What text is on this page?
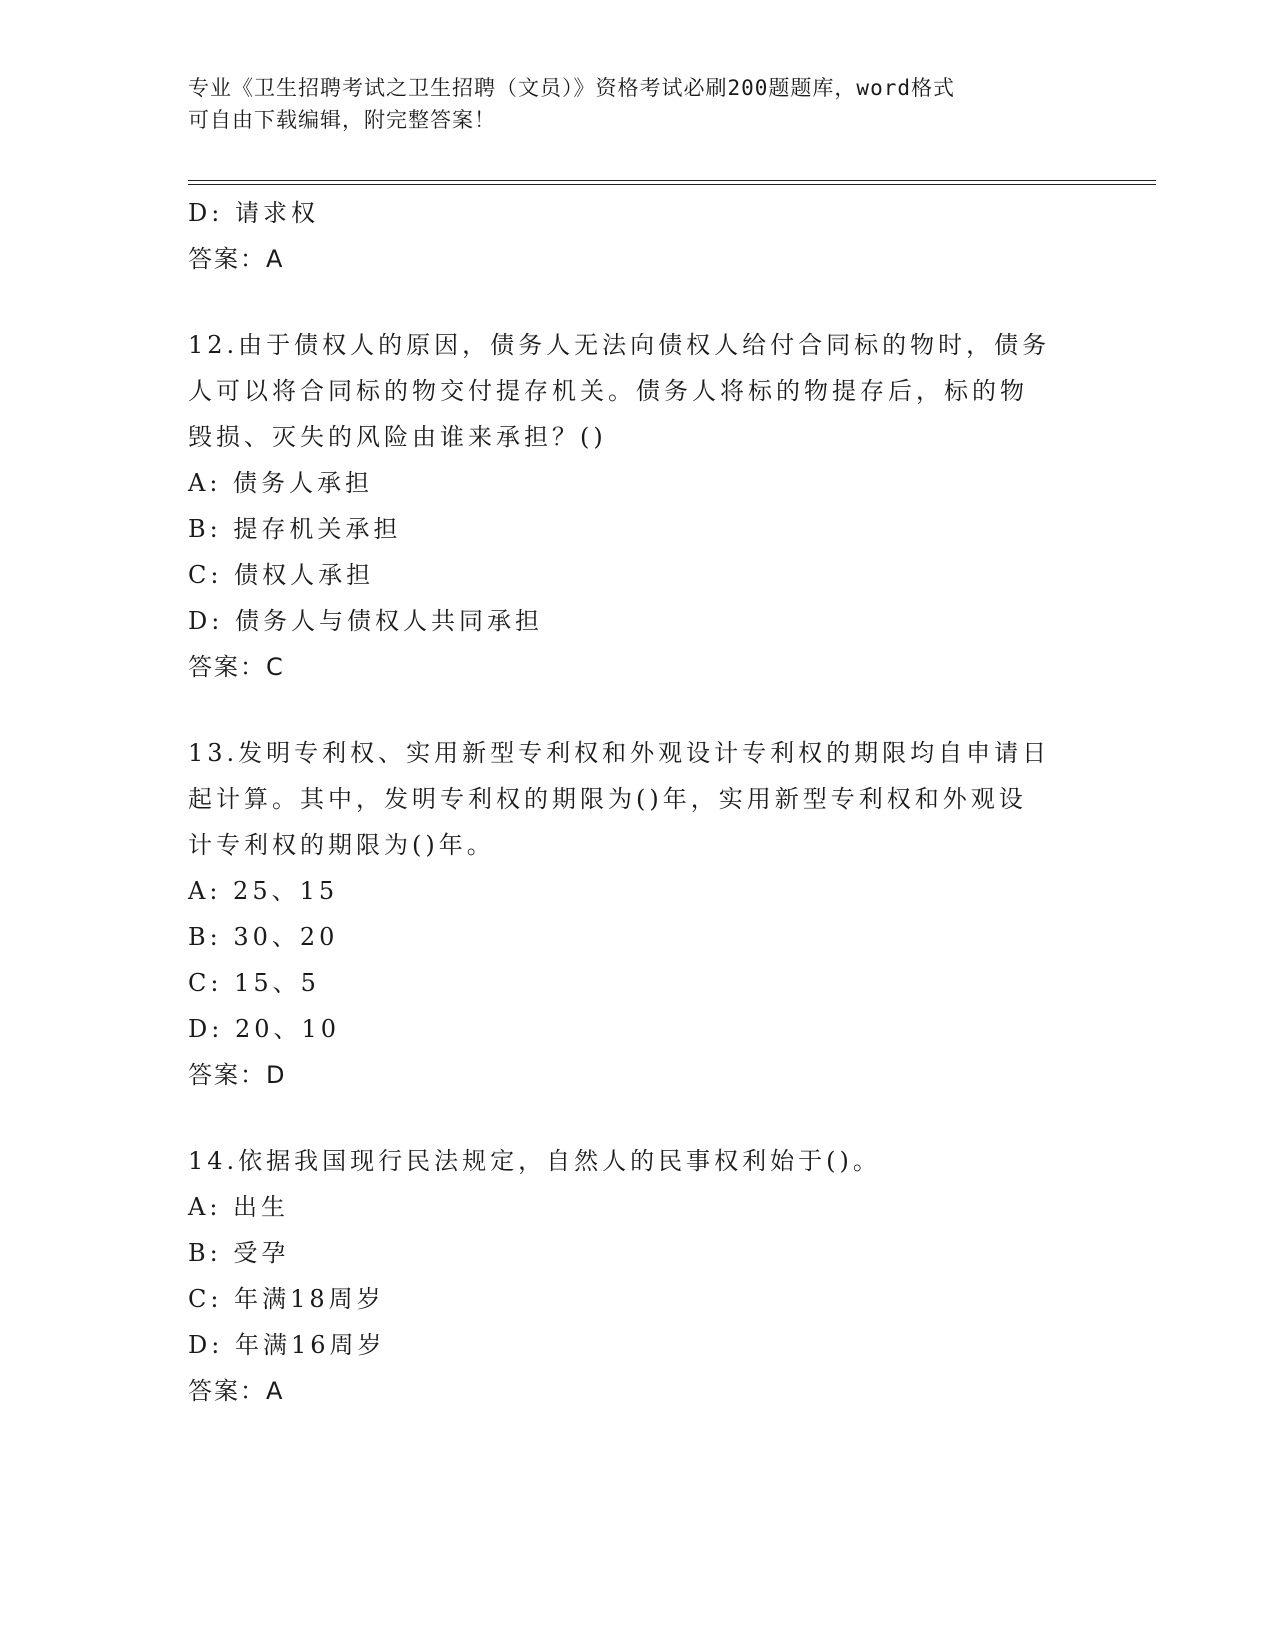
专业《卫生招聘考试之卫生招聘（文员）》资格考试必刷200题题库，word格式
可自由下载编辑，附完整答案！
D: 请求权
答案：A
12.由于债权人的原因，债务人无法向债权人给付合同标的物时，债务
人可以将合同标的物交付提存机关。债务人将标的物提存后，标的物
毁损、灭失的风险由谁来承担？()
A: 债务人承担
B: 提存机关承担
C: 债权人承担
D: 债务人与债权人共同承担
答案：C
13.发明专利权、实用新型专利权和外观设计专利权的期限均自申请日
起计算。其中，发明专利权的期限为()年，实用新型专利权和外观设
计专利权的期限为()年。
A: 25、15
B: 30、20
C: 15、5
D: 20、10
答案：D
14.依据我国现行民法规定，自然人的民事权利始于()。
A: 出生
B: 受孕
C: 年满18周岁
D: 年满16周岁
答案：A
